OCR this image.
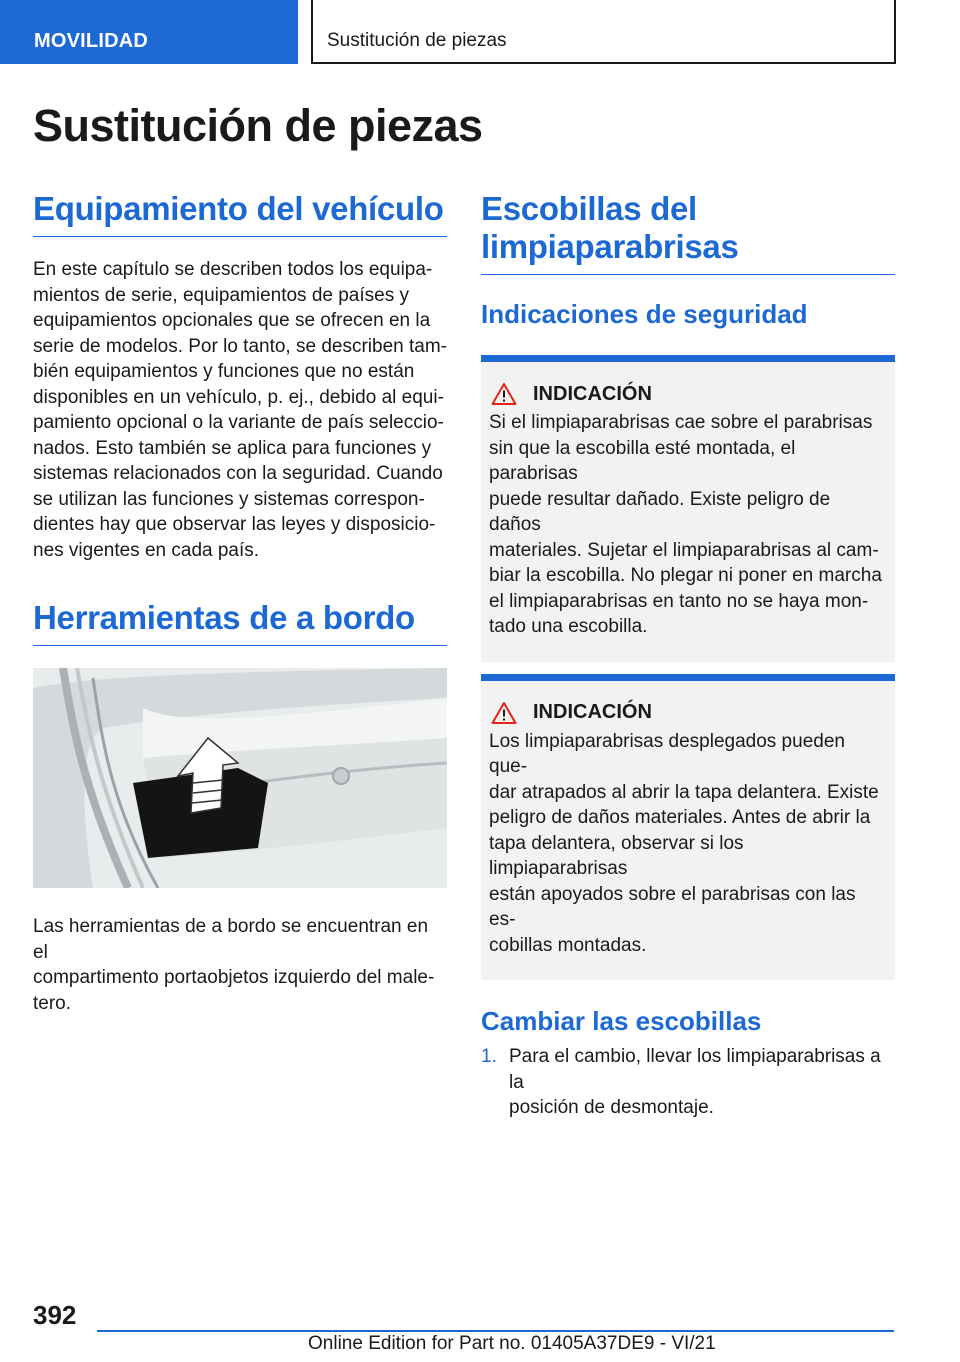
MOVILIDAD	Sustitución de piezas
Sustitución de piezas
Equipamiento del vehículo
En este capítulo se describen todos los equipa-
mientos de serie, equipamientos de países y
equipamientos opcionales que se ofrecen en la
serie de modelos. Por lo tanto, se describen tam-
bién equipamientos y funciones que no están
disponibles en un vehículo, p. ej., debido al equi-
pamiento opcional o la variante de país seleccio-
nados. Esto también se aplica para funciones y
sistemas relacionados con la seguridad. Cuando
se utilizan las funciones y sistemas correspon-
dientes hay que observar las leyes y disposicio-
nes vigentes en cada país.
Herramientas de a bordo
Las herramientas de a bordo se encuentran en el
compartimento portaobjetos izquierdo del male-
tero.
Escobillas del
limpiaparabrisas
Indicaciones de seguridad
INDICACIÓN
Si el limpiaparabrisas cae sobre el parabrisas
sin que la escobilla esté montada, el parabrisas
puede resultar dañado. Existe peligro de daños
materiales. Sujetar el limpiaparabrisas al cam-
biar la escobilla. No plegar ni poner en marcha
el limpiaparabrisas en tanto no se haya mon-
tado una escobilla.
INDICACIÓN
Los limpiaparabrisas desplegados pueden que-
dar atrapados al abrir la tapa delantera. Existe
peligro de daños materiales. Antes de abrir la
tapa delantera, observar si los limpiaparabrisas
están apoyados sobre el parabrisas con las es-
cobillas montadas.
Cambiar las escobillas
1. Para el cambio, llevar los limpiaparabrisas a la
posición de desmontaje.
392
Online Edition for Part no. 01405A37DE9 - VI/21
